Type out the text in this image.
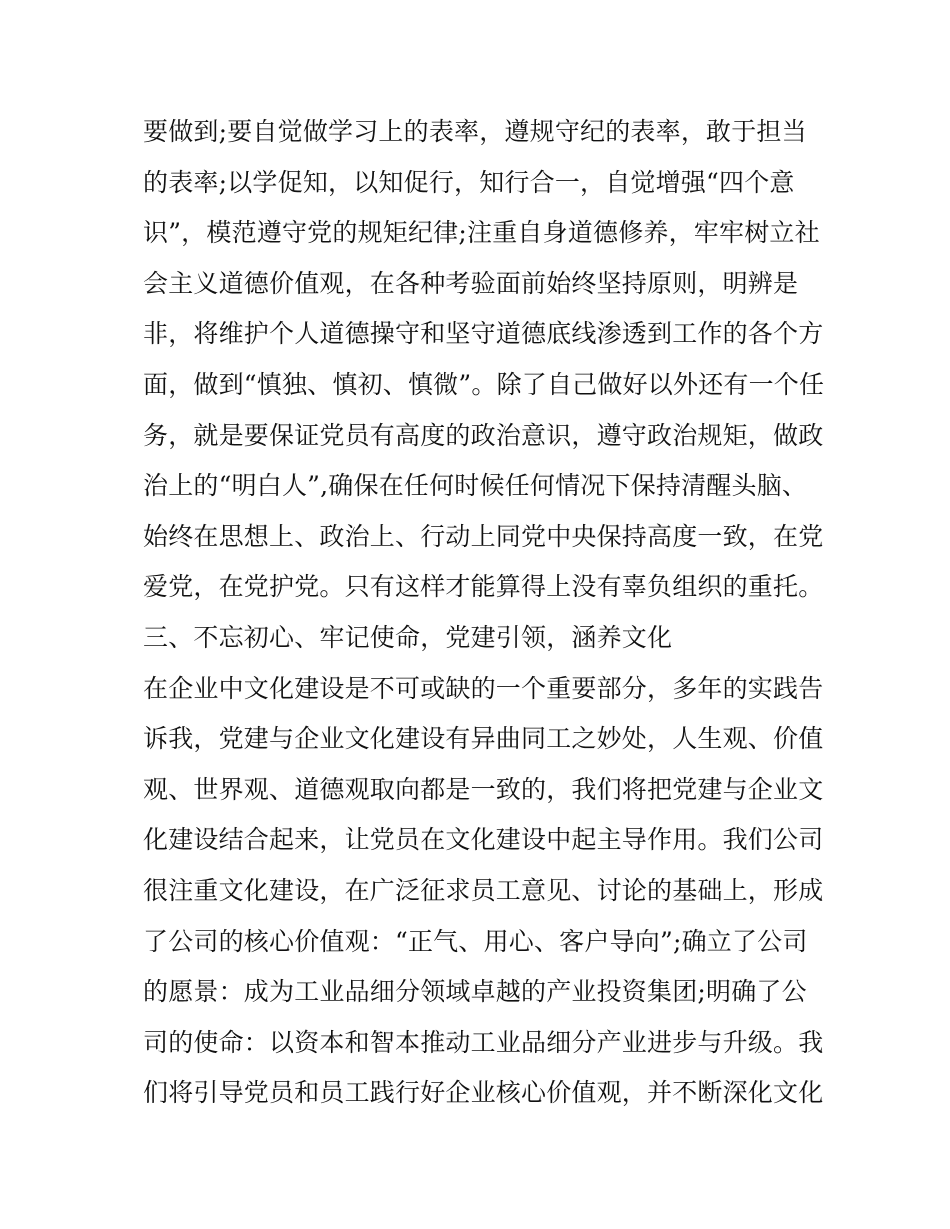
要做到;要自觉做学习上的表率，遵规守纪的表率，敢于担当
的表率;以学促知，以知促行，知行合一，自觉增强“四个意
识”，模范遵守党的规矩纪律;注重自身道德修养，牢牢树立社
会主义道德价值观，在各种考验面前始终坚持原则，明辨是
非，将维护个人道德操守和坚守道德底线渗透到工作的各个方
面，做到“慎独、慎初、慎微”。除了自己做好以外还有一个任
务，就是要保证党员有高度的政治意识，遵守政治规矩，做政
治上的“明白人”,确保在任何时候任何情况下保持清醒头脑、
始终在思想上、政治上、行动上同党中央保持高度一致，在党
爱党，在党护党。只有这样才能算得上没有辜负组织的重托。
三、不忘初心、牢记使命，党建引领，涵养文化
在企业中文化建设是不可或缺的一个重要部分，多年的实践告
诉我，党建与企业文化建设有异曲同工之妙处，人生观、价值
观、世界观、道德观取向都是一致的，我们将把党建与企业文
化建设结合起来，让党员在文化建设中起主导作用。我们公司
很注重文化建设，在广泛征求员工意见、讨论的基础上，形成
了公司的核心价值观：“正气、用心、客户导向”;确立了公司
的愿景：成为工业品细分领域卓越的产业投资集团;明确了公
司的使命：以资本和智本推动工业品细分产业进步与升级。我
们将引导党员和员工践行好企业核心价值观，并不断深化文化
